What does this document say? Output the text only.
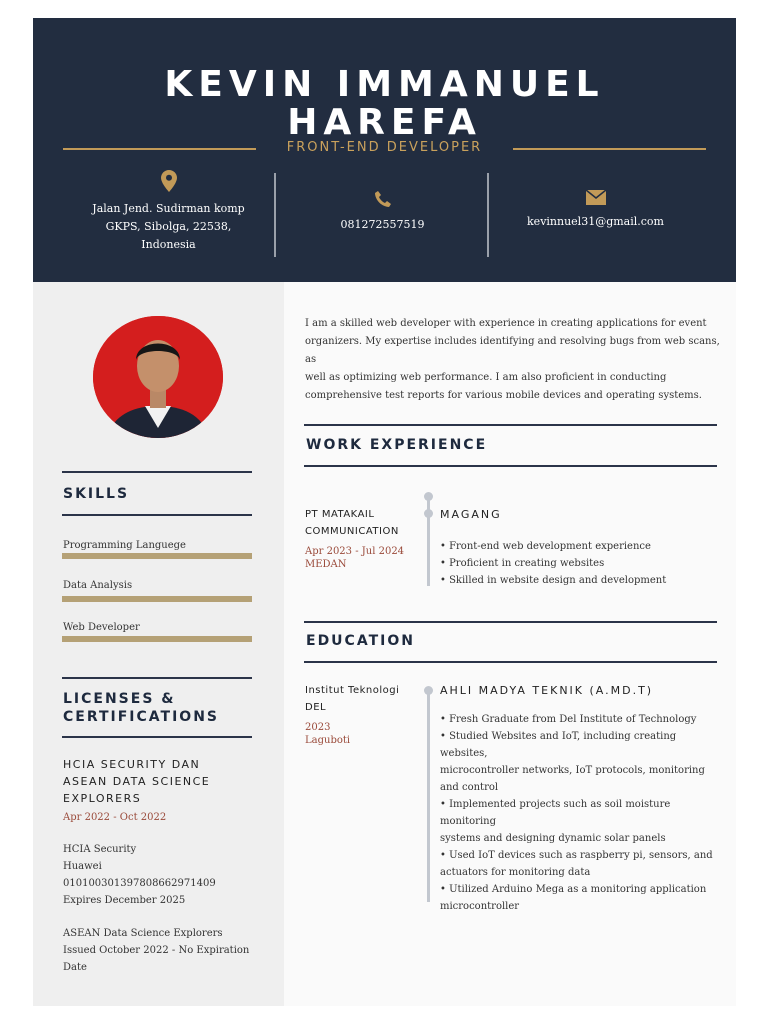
KEVIN IMMANUEL
HAREFA
FRONT-END DEVELOPER
Jalan Jend. Sudirman komp
GKPS, Sibolga, 22538,
Indonesia
081272557519	kevinnuel31@gmail.com
SKILLS
Programming Languege
Data Analysis
Web Developer
LICENSES &
CERTIFICATIONS
HCIA SECURITY DAN
ASEAN DATA SCIENCE
EXPLORERS
Apr 2022 - Oct 2022
HCIA Security
Huawei
0101003013978086​62971409
Expires December 2025
ASEAN Data Science Explorers
Issued October 2022 - No Expiration
Date
I am a skilled web developer with experience in creating applications for event
organizers. My expertise includes identifying and resolving bugs from web scans, as
well as optimizing web performance. I am also proficient in conducting
comprehensive test reports for various mobile devices and operating systems.
WORK EXPERIENCE
PT MATAKAIL
COMMUNICATION
Apr 2023 - Jul 2024
MEDAN
MAGANG
• Front-end web development experience
• Proficient in creating websites
• Skilled in website design and development
EDUCATION
Institut Teknologi
DEL
2023
Laguboti
AHLI MADYA TEKNIK (A.MD.T)
• Fresh Graduate from Del Institute of Technology
• Studied Websites and IoT, including creating websites,
microcontroller networks, IoT protocols, monitoring
and control
• Implemented projects such as soil moisture monitoring
systems and designing dynamic solar panels
• Used IoT devices such as raspberry pi, sensors, and
actuators for monitoring data
• Utilized Arduino Mega as a monitoring application
microcontroller
